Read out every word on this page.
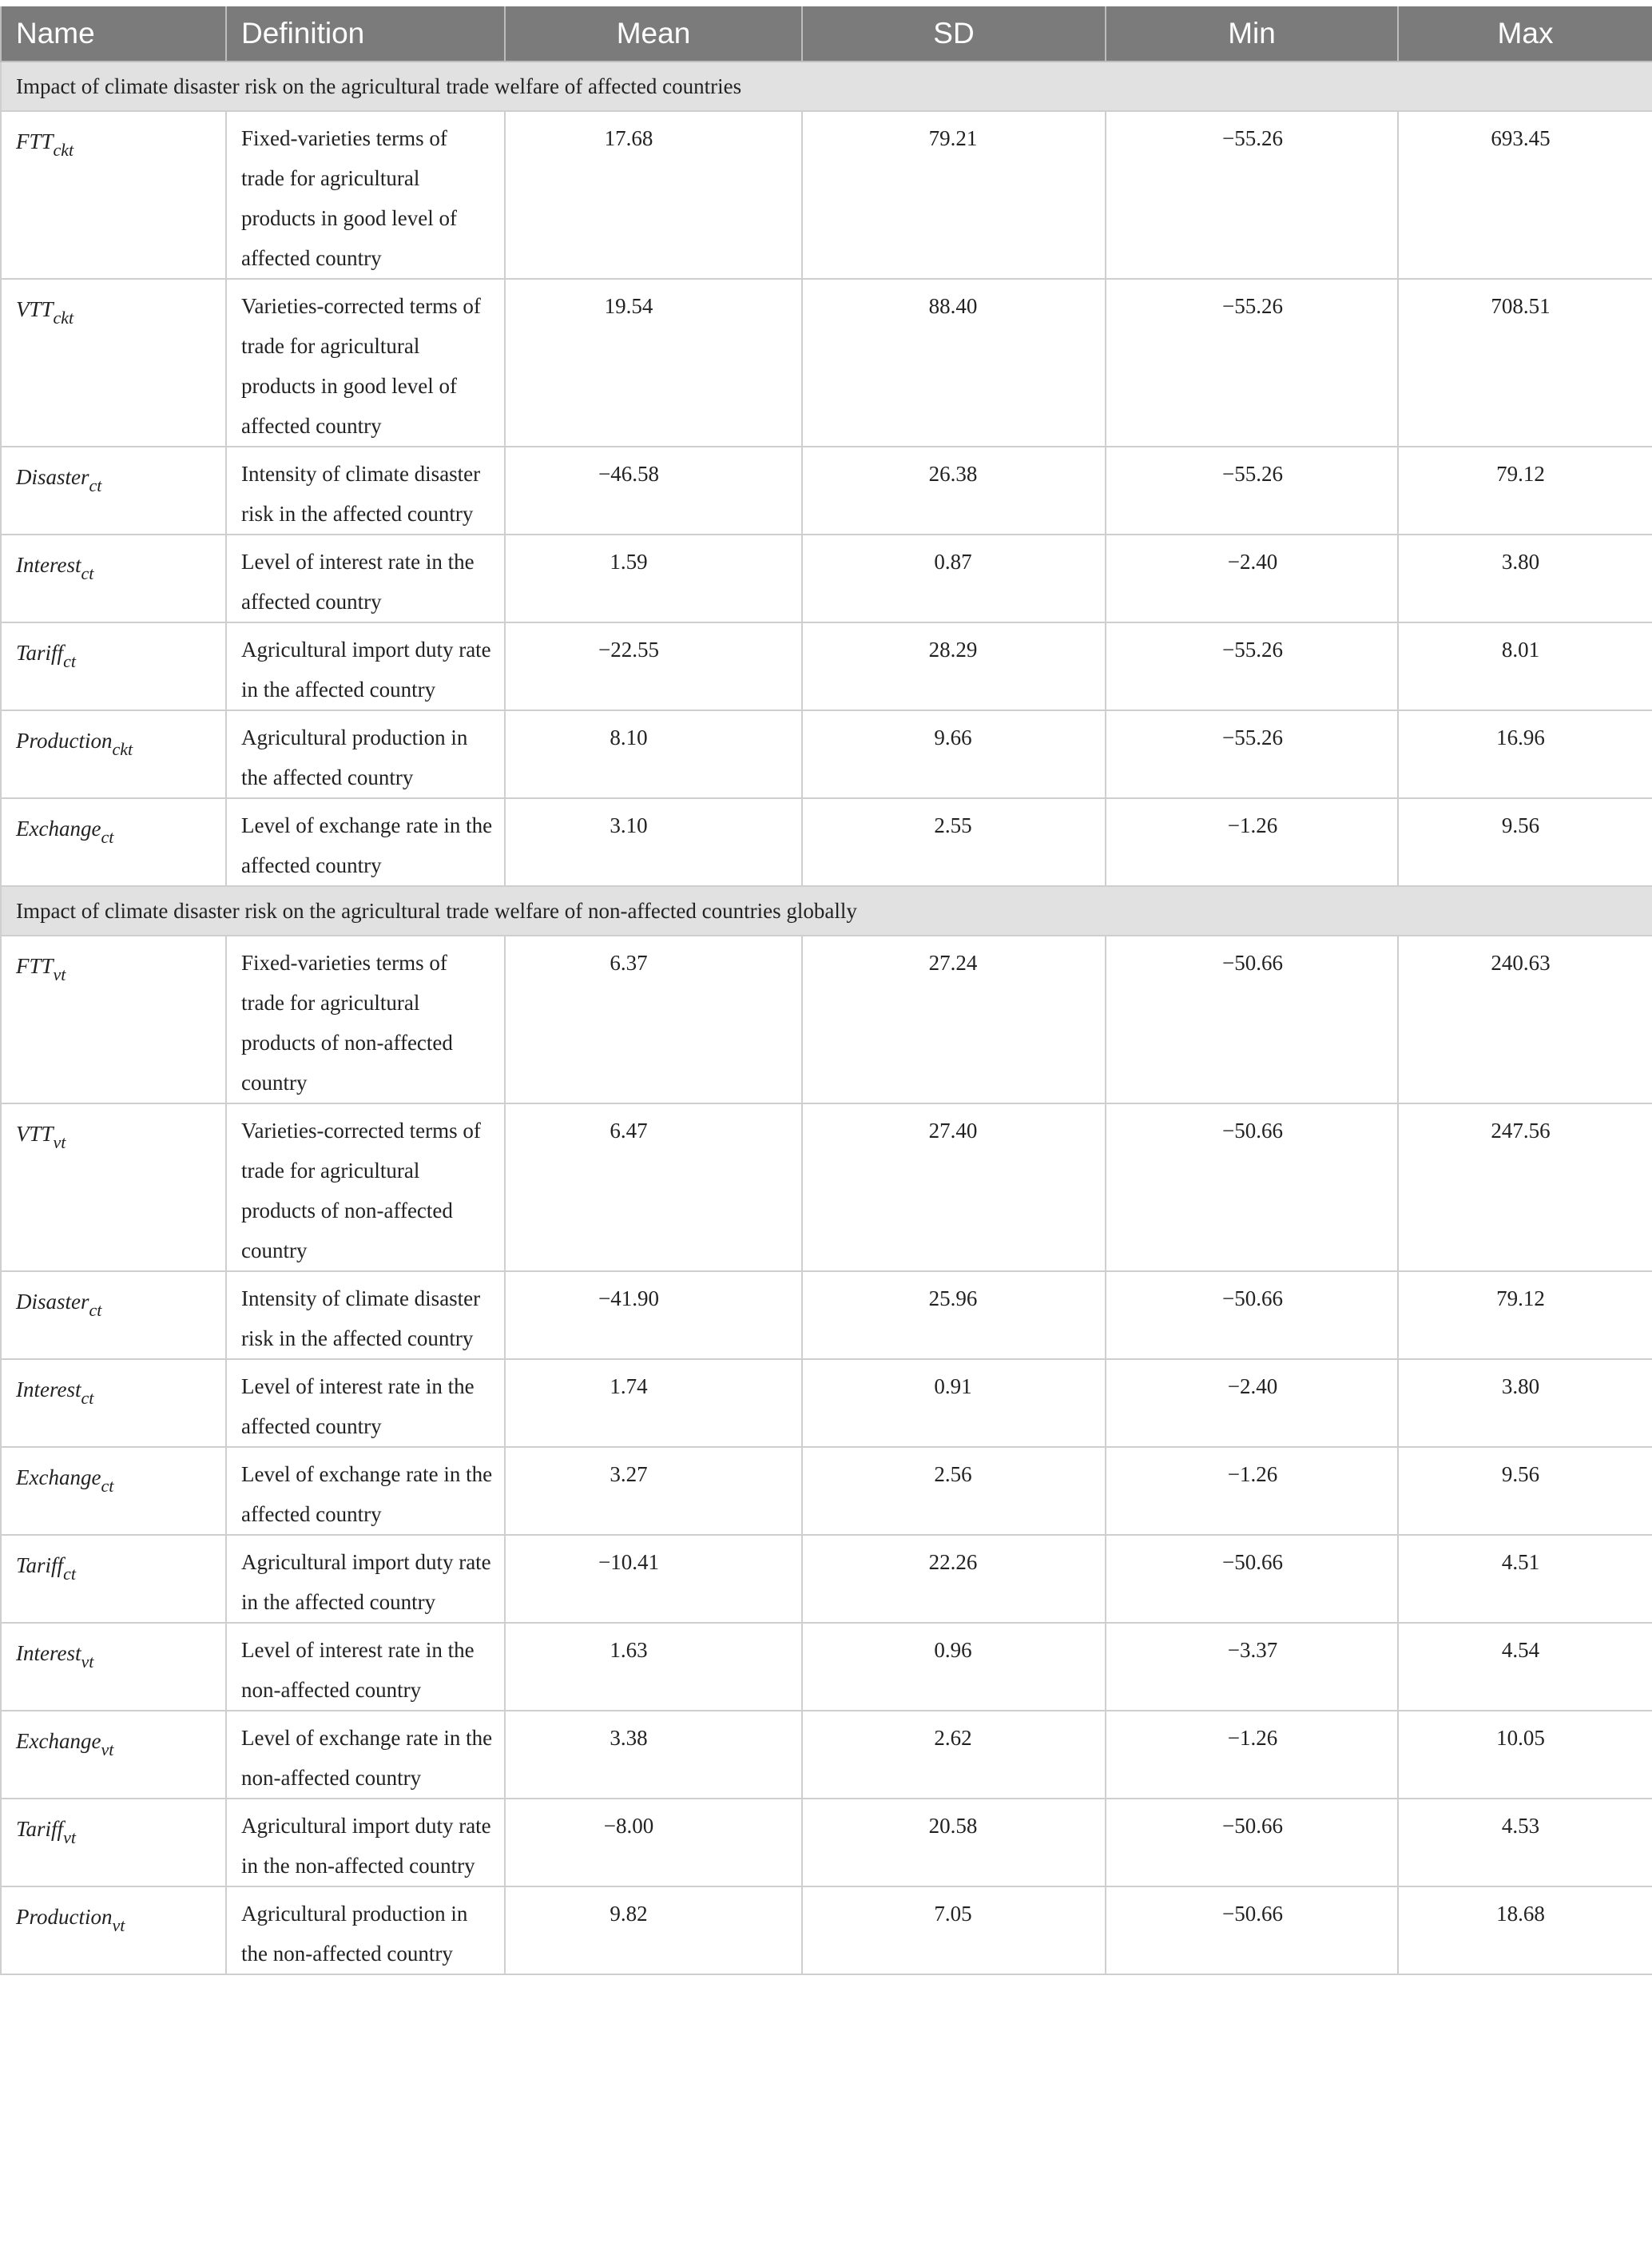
Name	Definition	Mean	SD	Min	Max
Impact of climate disaster risk on the agricultural trade welfare of affected countries					
$FTT_{ckt}$	Fixed-varieties terms of trade for agricultural products in good level of affected country	17.68	79.21	−55.26	693.45
$VTT_{ckt}$	Varieties-corrected terms of trade for agricultural products in good level of affected country	19.54	88.40	−55.26	708.51
Disaster$_{ct}$	Intensity of climate disaster risk in the affected country	−46.58	26.38	−55.26	79.12
Interest$_{ct}$	Level of interest rate in the affected country	1.59	0.87	−2.40	3.80
Tariff$_{ct}$	Agricultural import duty rate in the affected country	−22.55	28.29	−55.26	8.01
Production$_{ckt}$	Agricultural production in the affected country	8.10	9.66	−55.26	16.96
Exchange$_{ct}$	Level of exchange rate in the affected country	3.10	2.55	−1.26	9.56
Impact of climate disaster risk on the agricultural trade welfare of non-affected countries globally					
$FTT_{vt}$	Fixed-varieties terms of trade for agricultural products of non-affected country	6.37	27.24	−50.66	240.63
$VTT_{vt}$	Varieties-corrected terms of trade for agricultural products of non-affected country	6.47	27.40	−50.66	247.56
Disaster$_{ct}$	Intensity of climate disaster risk in the affected country	−41.90	25.96	−50.66	79.12
Interest$_{ct}$	Level of interest rate in the affected country	1.74	0.91	−2.40	3.80
Exchange$_{ct}$	Level of exchange rate in the affected country	3.27	2.56	−1.26	9.56
Tariff$_{ct}$	Agricultural import duty rate in the affected country	−10.41	22.26	−50.66	4.51
Interest$_{vt}$	Level of interest rate in the non-affected country	1.63	0.96	−3.37	4.54
Exchange$_{vt}$	Level of exchange rate in the non-affected country	3.38	2.62	−1.26	10.05
Tariff$_{vt}$	Agricultural import duty rate in the non-affected country	−8.00	20.58	−50.66	4.53
Production$_{vt}$	Agricultural production in the non-affected country	9.82	7.05	−50.66	18.68
